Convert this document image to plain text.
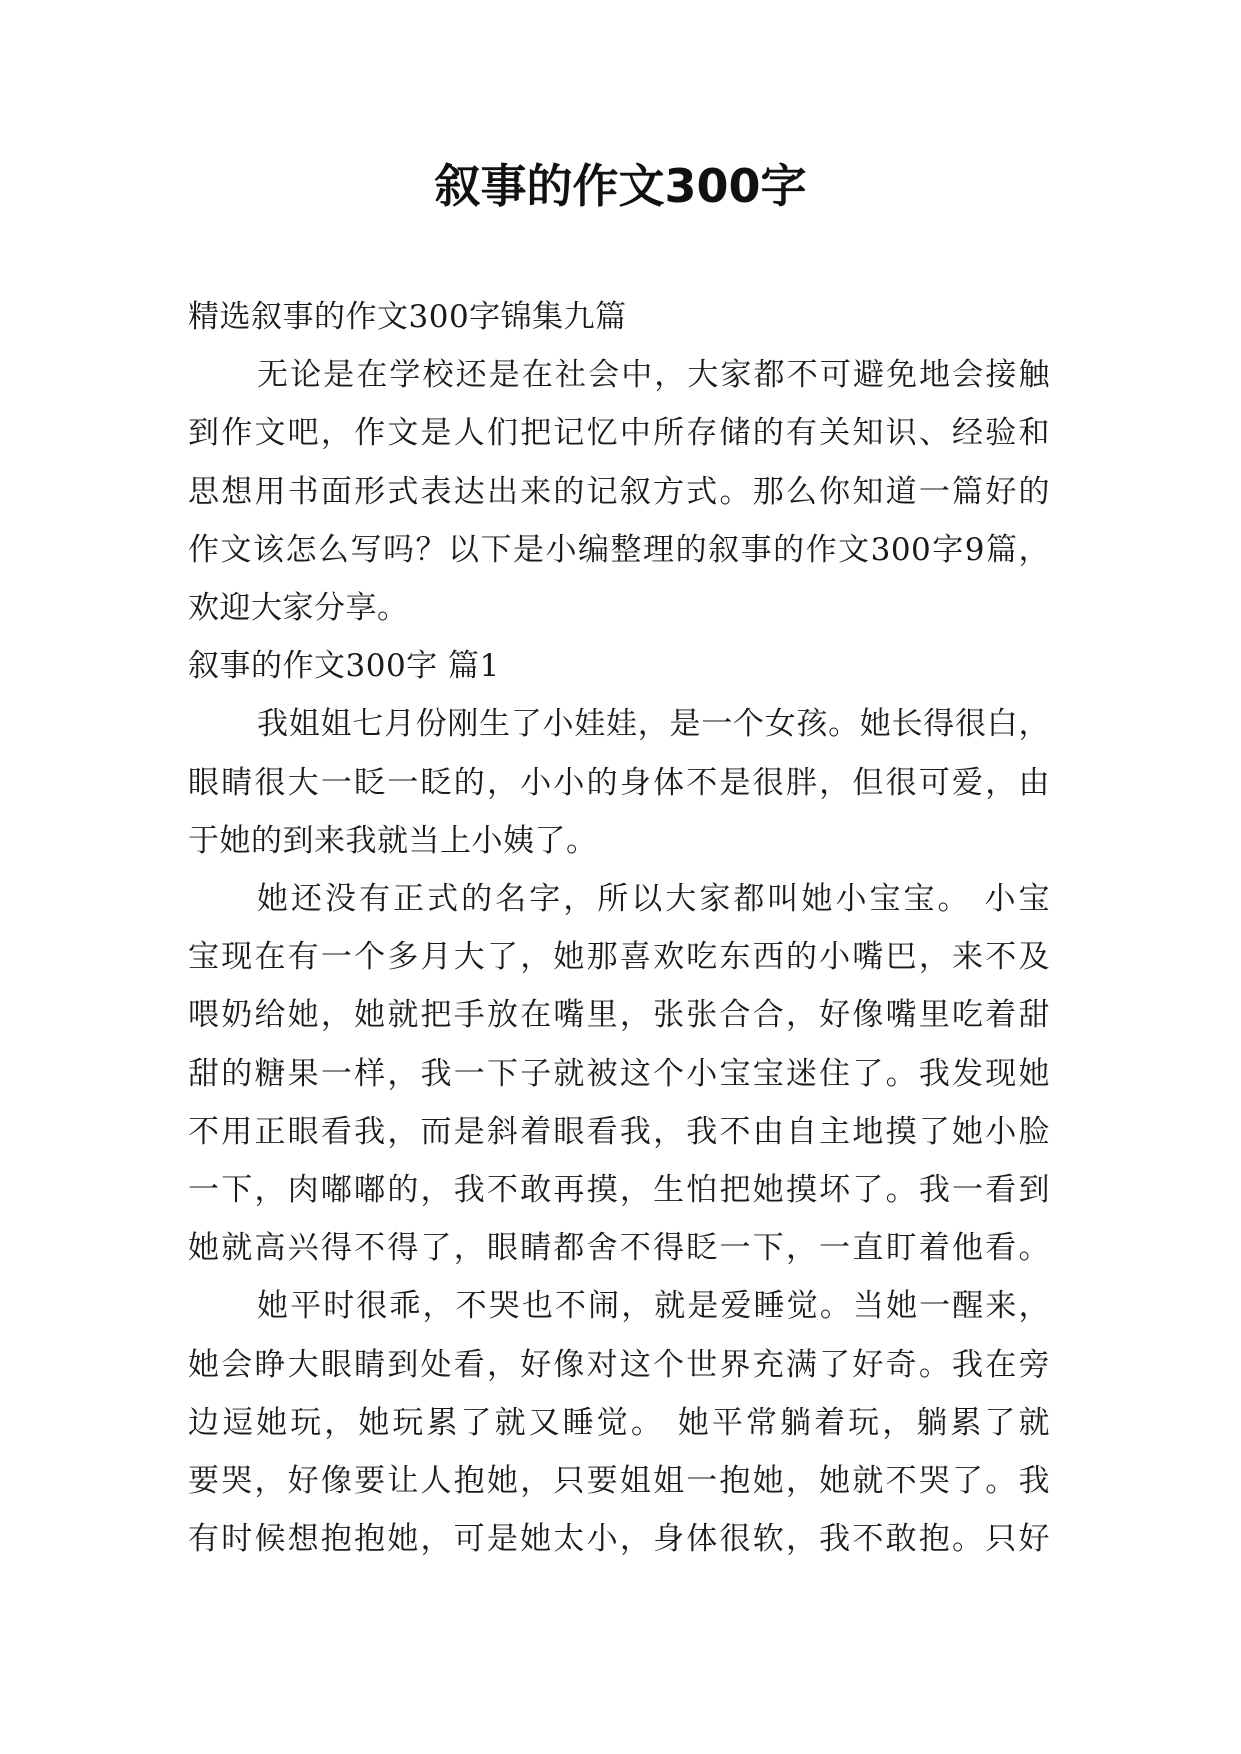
叙事的作文300字

精选叙事的作文300字锦集九篇

无论是在学校还是在社会中，大家都不可避免地会接触

到作文吧，作文是人们把记忆中所存储的有关知识、经验和

思想用书面形式表达出来的记叙方式。那么你知道一篇好的

作文该怎么写吗？以下是小编整理的叙事的作文300字9篇，

欢迎大家分享。

叙事的作文300字 篇1

我姐姐七月份刚生了小娃娃，是一个女孩。她长得很白，

眼睛很大一眨一眨的，小小的身体不是很胖，但很可爱，由

于她的到来我就当上小姨了。

她还没有正式的名字，所以大家都叫她小宝宝。 小宝

宝现在有一个多月大了，她那喜欢吃东西的小嘴巴，来不及

喂奶给她，她就把手放在嘴里，张张合合，好像嘴里吃着甜

甜的糖果一样，我一下子就被这个小宝宝迷住了。我发现她

不用正眼看我，而是斜着眼看我，我不由自主地摸了她小脸

一下，肉嘟嘟的，我不敢再摸，生怕把她摸坏了。我一看到

她就高兴得不得了，眼睛都舍不得眨一下，一直盯着他看。

她平时很乖，不哭也不闹，就是爱睡觉。当她一醒来，

她会睁大眼睛到处看，好像对这个世界充满了好奇。我在旁

边逗她玩，她玩累了就又睡觉。 她平常躺着玩，躺累了就

要哭，好像要让人抱她，只要姐姐一抱她，她就不哭了。我

有时候想抱抱她，可是她太小，身体很软，我不敢抱。只好
